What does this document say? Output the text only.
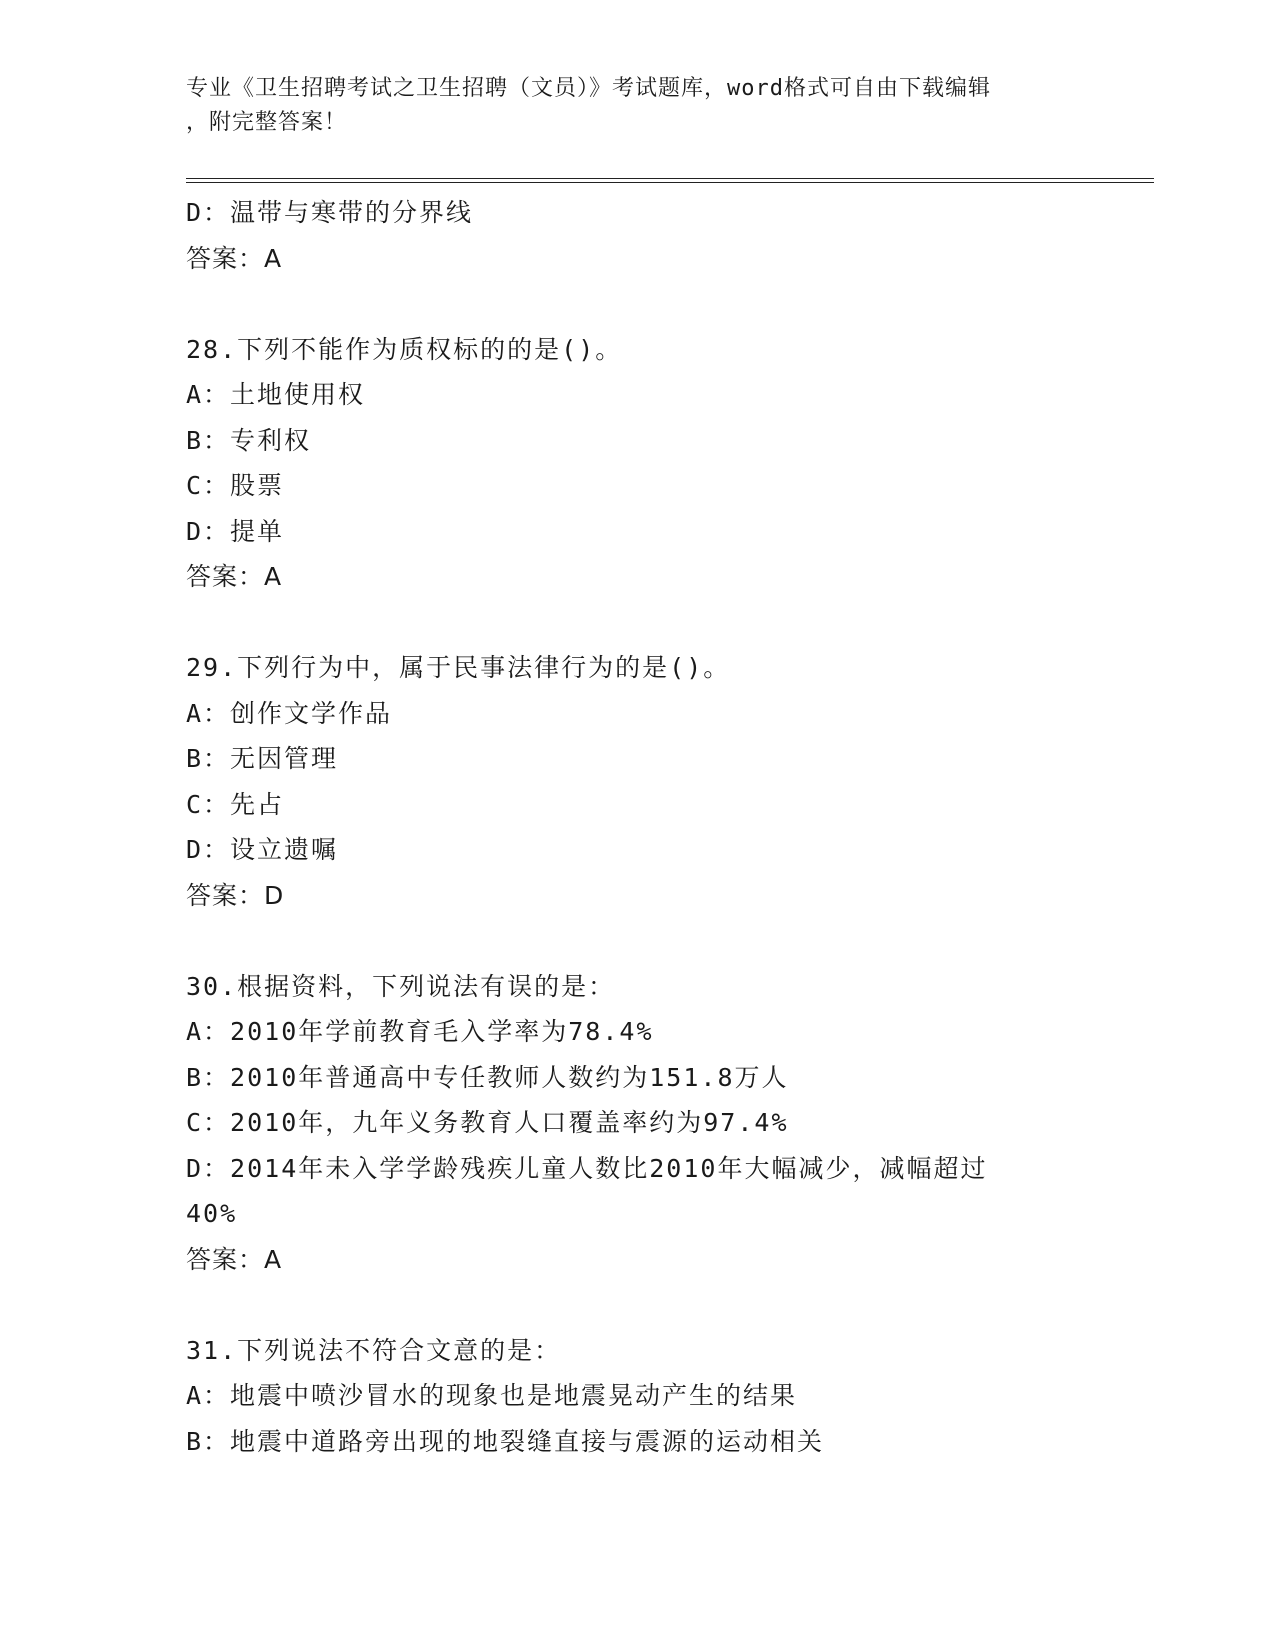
专业《卫生招聘考试之卫生招聘（文员）》考试题库，word格式可自由下载编辑
，附完整答案！
D：温带与寒带的分界线
答案：A
28.下列不能作为质权标的的是()。
A：土地使用权
B：专利权
C：股票
D：提单
答案：A
29.下列行为中，属于民事法律行为的是()。
A：创作文学作品
B：无因管理
C：先占
D：设立遗嘱
答案：D
30.根据资料，下列说法有误的是：
A：2010年学前教育毛入学率为78.4%
B：2010年普通高中专任教师人数约为151.8万人
C：2010年，九年义务教育人口覆盖率约为97.4%
D：2014年未入学学龄残疾儿童人数比2010年大幅减少，减幅超过
40%
答案：A
31.下列说法不符合文意的是：
A：地震中喷沙冒水的现象也是地震晃动产生的结果
B：地震中道路旁出现的地裂缝直接与震源的运动相关
